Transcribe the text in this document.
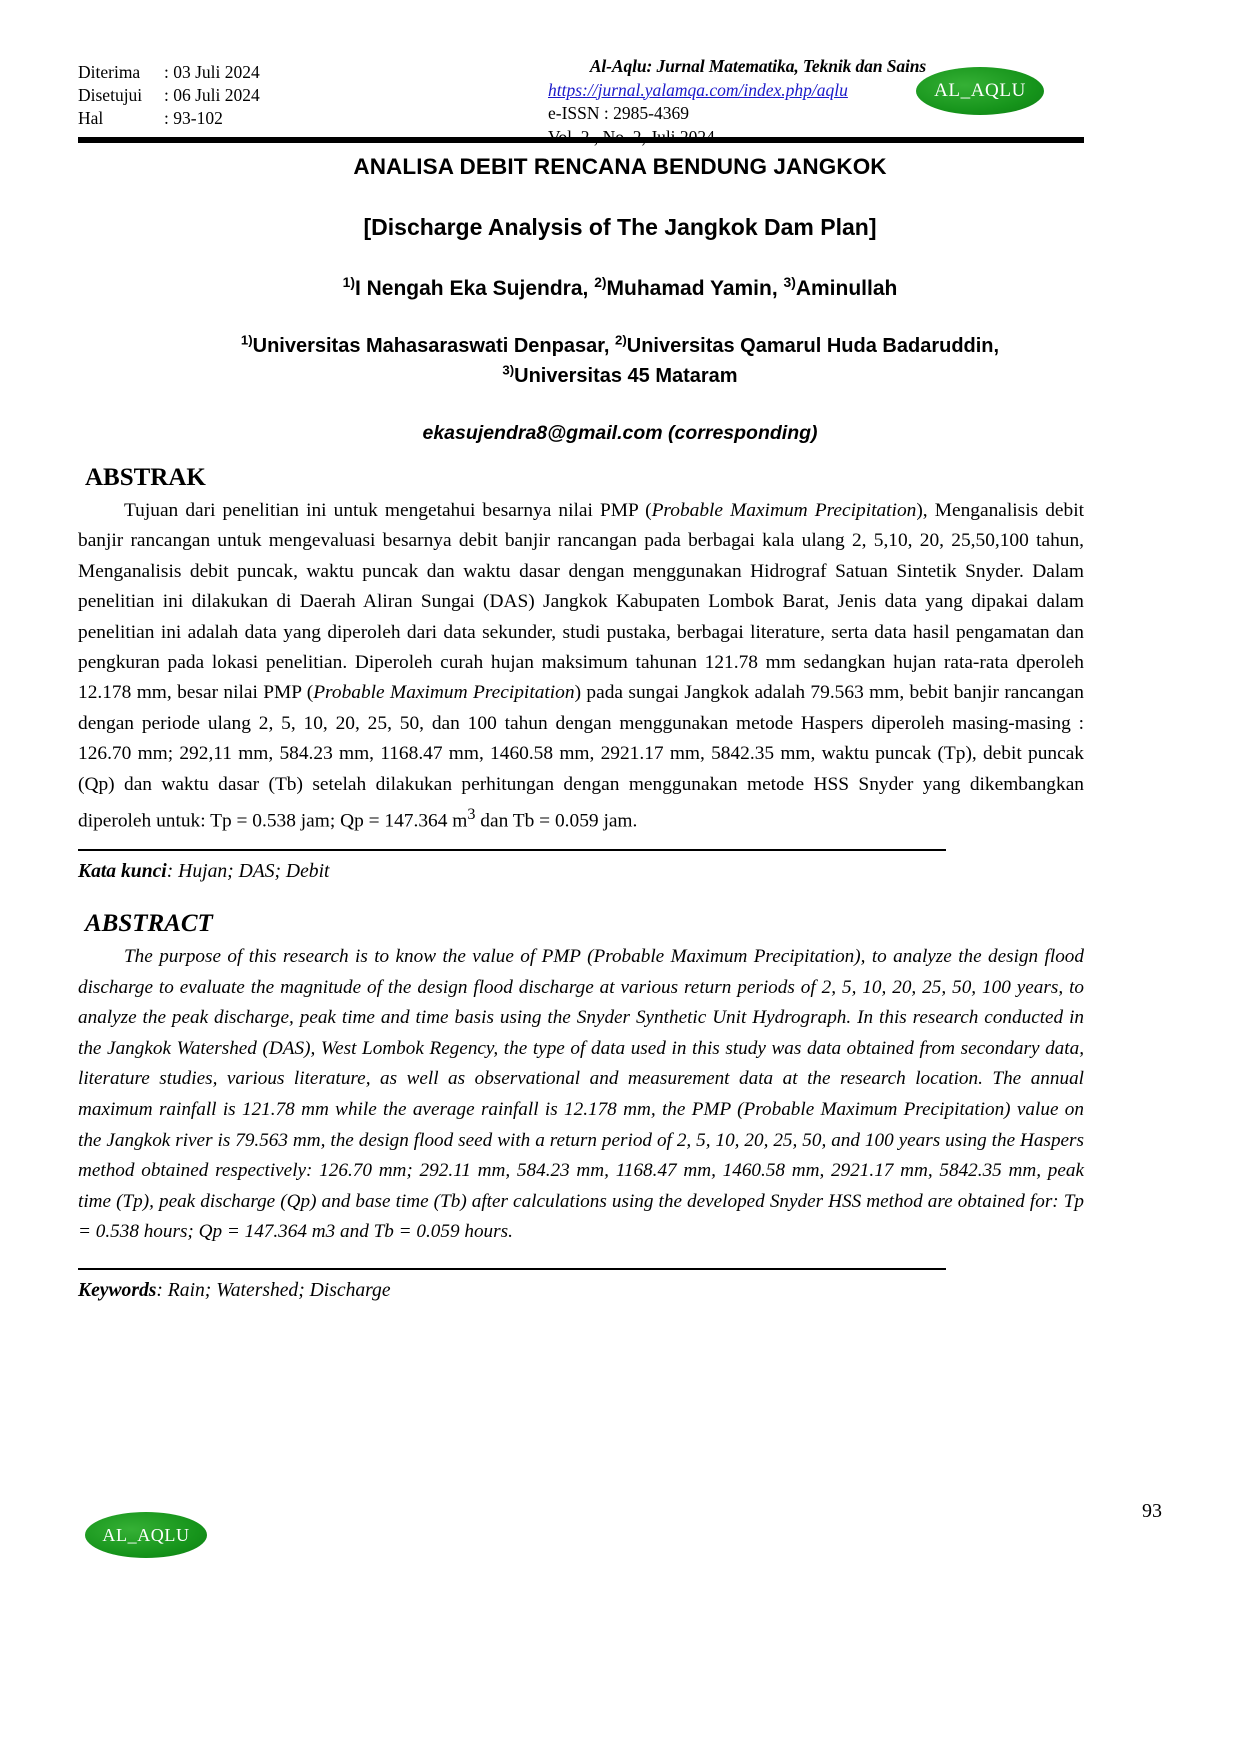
Diterima	: 03 Juli 2024
Disetujui	: 06 Juli 2024
Hal	: 93-102
Al-Aqlu: Jurnal Matematika, Teknik dan Sains
https://jurnal.yalamqa.com/index.php/aqlu
e-ISSN : 2985-4369
AL_AQLU
ANALISA DEBIT RENCANA BENDUNG JANGKOK
[Discharge Analysis of The Jangkok Dam Plan]
$^{1)}$I Nengah Eka Sujendra, $^{2)}$Muhamad Yamin, $^{3)}$Aminullah
$^{1)}$Universitas Mahasaraswati Denpasar, $^{2)}$Universitas Qamarul Huda Badaruddin,
$^{3)}$Universitas 45 Mataram
ekasujendra8@gmail.com (corresponding)
ABSTRAK
Tujuan dari penelitian ini untuk mengetahui besarnya nilai PMP (Probable Maximum Precipitation), Menganalisis debit banjir rancangan untuk mengevaluasi besarnya debit banjir rancangan pada berbagai kala ulang 2, 5,10, 20, 25,50,100 tahun, Menganalisis debit puncak, waktu puncak dan waktu dasar dengan menggunakan Hidrograf Satuan Sintetik Snyder. Dalam penelitian ini dilakukan di Daerah Aliran Sungai (DAS) Jangkok Kabupaten Lombok Barat, Jenis data yang dipakai dalam penelitian ini adalah data yang diperoleh dari data sekunder, studi pustaka, berbagai literature, serta data hasil pengamatan dan pengkuran pada lokasi penelitian. Diperoleh curah hujan maksimum tahunan 121.78 mm sedangkan hujan rata-rata dperoleh 12.178 mm, besar nilai PMP (Probable Maximum Precipitation) pada sungai Jangkok adalah 79.563 mm, bebit banjir rancangan dengan periode ulang 2, 5, 10, 20, 25, 50, dan 100 tahun dengan menggunakan metode Haspers diperoleh masing-masing : 126.70 mm; 292,11 mm, 584.23 mm, 1168.47 mm, 1460.58 mm, 2921.17 mm, 5842.35 mm, waktu puncak (Tp), debit puncak (Qp) dan waktu dasar (Tb) setelah dilakukan perhitungan dengan menggunakan metode HSS Snyder yang dikembangkan diperoleh untuk: Tp = 0.538 jam; Qp = 147.364 $m^3$ dan Tb = 0.059 jam.
Kata kunci: Hujan; DAS; Debit
ABSTRACT
The purpose of this research is to know the value of PMP (Probable Maximum Precipitation), to analyze the design flood discharge to evaluate the magnitude of the design flood discharge at various return periods of 2, 5, 10, 20, 25, 50, 100 years, to analyze the peak discharge, peak time and time basis using the Snyder Synthetic Unit Hydrograph. In this research conducted in the Jangkok Watershed (DAS), West Lombok Regency, the type of data used in this study was data obtained from secondary data, literature studies, various literature, as well as observational and measurement data at the research location. The annual maximum rainfall is 121.78 mm while the average rainfall is 12.178 mm, the PMP (Probable Maximum Precipitation) value on the Jangkok river is 79.563 mm, the design flood seed with a return period of 2, 5, 10, 20, 25, 50, and 100 years using the Haspers method obtained respectively: 126.70 mm; 292.11 mm, 584.23 mm, 1168.47 mm, 1460.58 mm, 2921.17 mm, 5842.35 mm, peak time (Tp), peak discharge (Qp) and base time (Tb) after calculations using the developed Snyder HSS method are obtained for: Tp = 0.538 hours; Qp = 147.364 m3 and Tb = 0.059 hours.
Keywords: Rain; Watershed; Discharge
AL_AQLU
93
